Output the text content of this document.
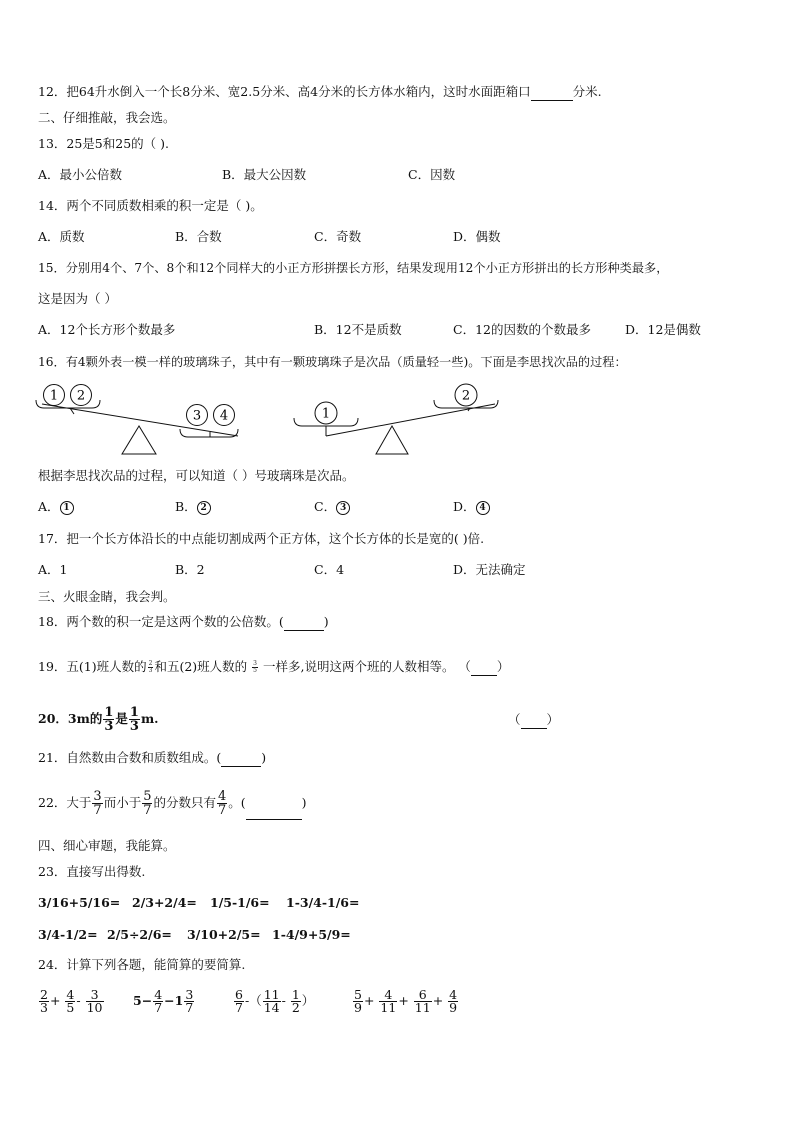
12．把64升水倒入一个长8分米、宽2.5分米、高4分米的长方体水箱内，这时水面距箱口	分米.
二、仔细推敲，我会选。
13．25是5和25的（ ).
A．最小公倍数	B．最大公因数	C．因数
14．两个不同质数相乘的积一定是（ )。
A．质数	B．合数	C．奇数	D．偶数
15．分别用4个、7个、8个和12个同样大的小正方形拼摆长方形，结果发现用12个小正方形拼出的长方形种类最多，
这是因为（ ）
A．12个长方形个数最多	B．12不是质数	C．12的因数的个数最多	D．12是偶数
16．有4颗外表一模一样的玻璃珠子，其中有一颗玻璃珠子是次品（质量轻一些)。下面是李思找次品的过程：
1 2
3 4	1
2
根据李思找次品的过程，可以知道（ ）号玻璃珠是次品。
A． 1	B． 2	C． 3	D． 4
17．把一个长方体沿长的中点能切割成两个正方体，这个长方体的长是宽的( )倍.
A．1	B．2	C．4	D．无法确定
三、火眼金睛，我会判。
18．两个数的积一定是这两个数的公倍数。(	)
19．五(1)班人数的 $\frac{2}{3}$ 和五(2)班人数的 $\frac{3}{5}$ 一样多,说明这两个班的人数相等。 （ ）
20．3m的 $\frac{1}{3}$ 是 $\frac{1}{3} m$.	（ ）
21．自然数由合数和质数组成。(	)
22．大于 $\frac{3}{7}$ 而小于 $\frac{5}{7}$ 的分数只有 $\frac{4}{7}$ 。(	)
四、细心审题，我能算。
23．直接写出得数.
3/16+5/16= 2/3+2/4= 1/5-1/6= 1-3/4-1/6=
3/4-1/2= 2/5÷2/6= 3/10+2/5= 1-4/9+5/9=
24．计算下列各题，能简算的要简算.
$\frac{2}{3} + \frac{4}{5} - \frac{3}{10} 5- \frac{4}{7} -1 \frac{3}{7}$	$\frac{6}{7}$ -（ $\frac{11}{14} - \frac{1}{2}$ ）	$\frac{5}{9} + \frac{4}{11} + \frac{6}{11} + \frac{4}{9}$
